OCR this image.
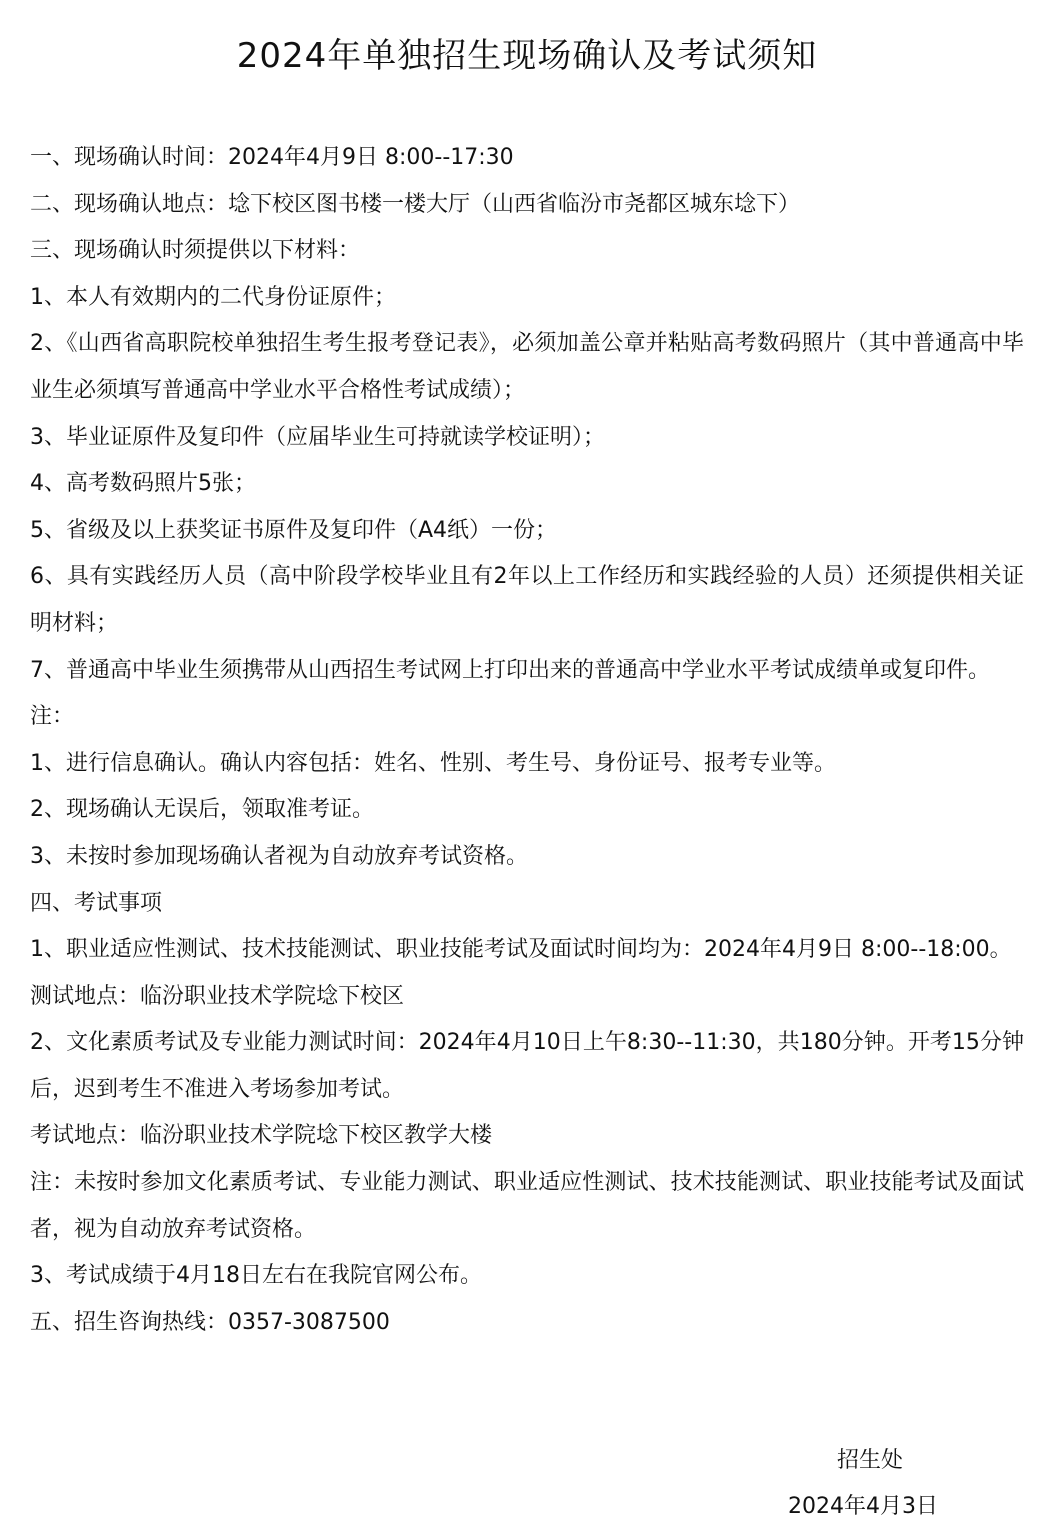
2024年单独招生现场确认及考试须知

一、现场确认时间：2024年4月9日 8:00--17:30

二、现场确认地点：埝下校区图书楼一楼大厅（山西省临汾市尧都区城东埝下）

三、现场确认时须提供以下材料：

1、本人有效期内的二代身份证原件；

2、《山西省高职院校单独招生考生报考登记表》，必须加盖公章并粘贴高考数码照片（其中普通高中毕业生必须填写普通高中学业水平合格性考试成绩）；

3、毕业证原件及复印件（应届毕业生可持就读学校证明）；

4、高考数码照片5张；

5、省级及以上获奖证书原件及复印件（A4纸）一份；

6、具有实践经历人员（高中阶段学校毕业且有2年以上工作经历和实践经验的人员）还须提供相关证明材料；

7、普通高中毕业生须携带从山西招生考试网上打印出来的普通高中学业水平考试成绩单或复印件。

注：

1、进行信息确认。确认内容包括：姓名、性别、考生号、身份证号、报考专业等。

2、现场确认无误后，领取准考证。

3、未按时参加现场确认者视为自动放弃考试资格。

四、考试事项

1、职业适应性测试、技术技能测试、职业技能考试及面试时间均为：2024年4月9日 8:00--18:00。

测试地点：临汾职业技术学院埝下校区

2、文化素质考试及专业能力测试时间：2024年4月10日上午8:30--11:30，共180分钟。开考15分钟后，迟到考生不准进入考场参加考试。

考试地点：临汾职业技术学院埝下校区教学大楼

注：未按时参加文化素质考试、专业能力测试、职业适应性测试、技术技能测试、职业技能考试及面试者，视为自动放弃考试资格。

3、考试成绩于4月18日左右在我院官网公布。

五、招生咨询热线：0357-3087500

招生处
2024年4月3日
